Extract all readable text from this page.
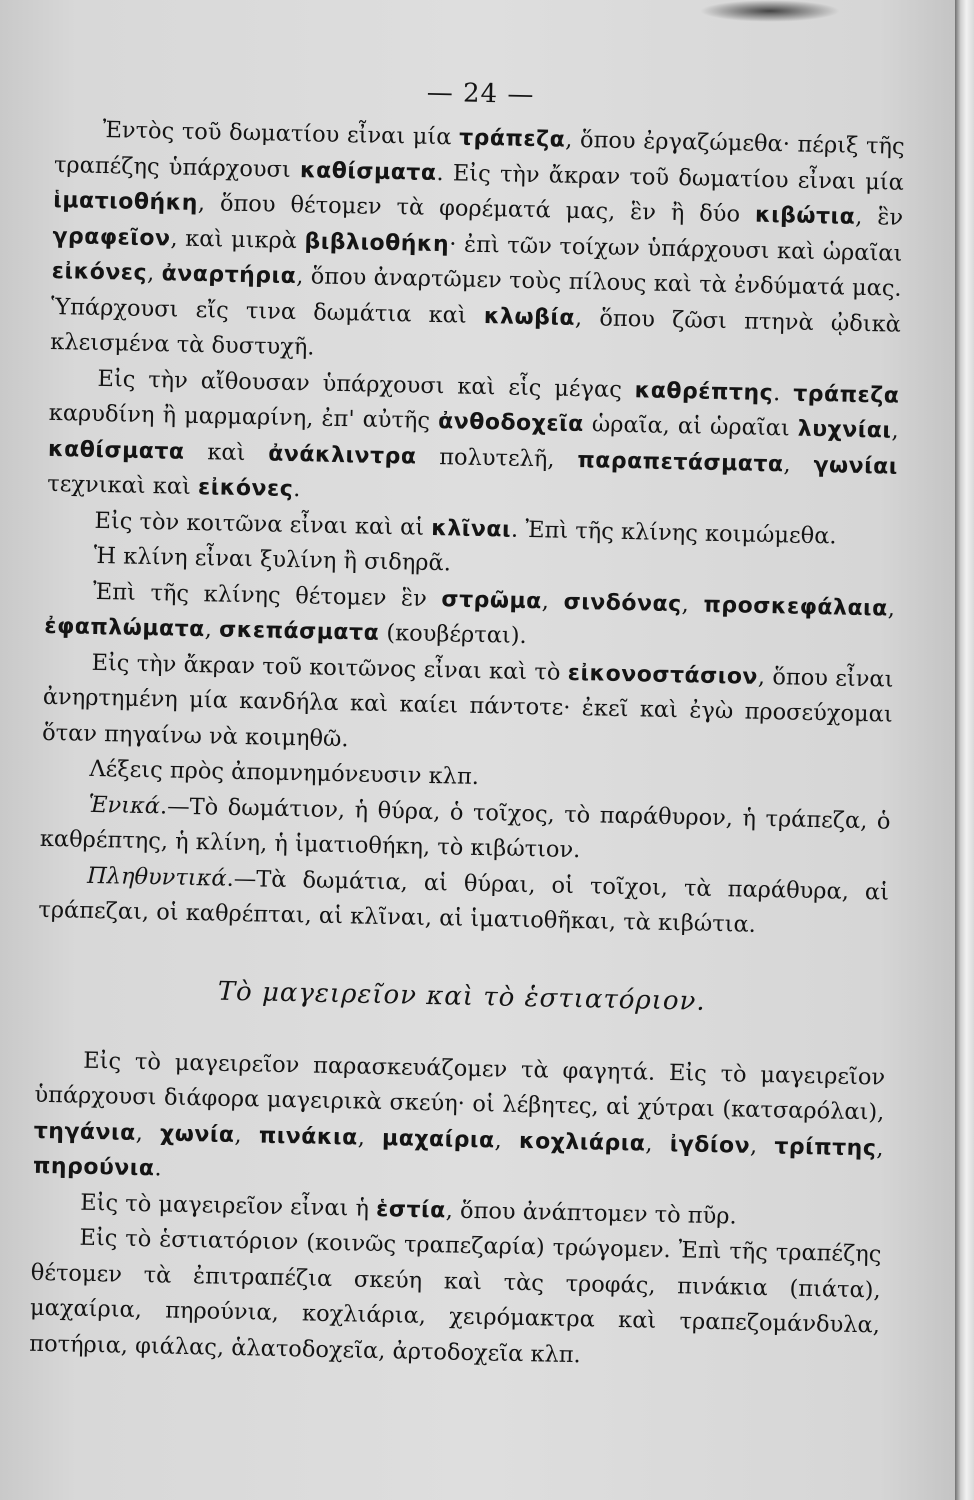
— 24 —

Ἐντὸς τοῦ δωματίου εἶναι μία τράπεζα, ὅπου ἐργαζώμεθα· πέριξ τῆς τραπέζης ὑπάρχουσι καθίσματα. Εἰς τὴν ἄκραν τοῦ δωματίου εἶναι μία ἱματιοθήκη, ὅπου θέτομεν τὰ φορέματά μας, ἓν ἢ δύο κιβώτια, ἓν γραφεῖον, καὶ μικρὰ βιβλιοθήκη· ἐπὶ τῶν τοίχων ὑπάρχουσι καὶ ὡραῖαι εἰκόνες, ἀναρτήρια, ὅπου ἀναρτῶμεν τοὺς πίλους καὶ τὰ ἐνδύματά μας. Ὑπάρχουσι εἴς τινα δωμάτια καὶ κλωβία, ὅπου ζῶσι πτηνὰ ᾠδικὰ κλεισμένα τὰ δυστυχῆ.

Εἰς τὴν αἴθουσαν ὑπάρχουσι καὶ εἷς μέγας καθρέπτης. τράπεζα καρυδίνη ἢ μαρμαρίνη, ἐπ' αὐτῆς ἀνθοδοχεῖα ὡραῖα, αἱ ὡραῖαι λυχνίαι, καθίσματα καὶ ἀνάκλιντρα πολυτελῆ, παραπετάσματα, γωνίαι τεχνικαὶ καὶ εἰκόνες.

Εἰς τὸν κοιτῶνα εἶναι καὶ αἱ κλῖναι. Ἐπὶ τῆς κλίνης κοιμώμεθα.

Ἡ κλίνη εἶναι ξυλίνη ἢ σιδηρᾶ.

Ἐπὶ τῆς κλίνης θέτομεν ἓν στρῶμα, σινδόνας, προσκεφάλαια, ἐφαπλώματα, σκεπάσματα (κουβέρται).

Εἰς τὴν ἄκραν τοῦ κοιτῶνος εἶναι καὶ τὸ εἰκονοστάσιον, ὅπου εἶναι ἀνηρτημένη μία κανδήλα καὶ καίει πάντοτε· ἐκεῖ καὶ ἐγὼ προσεύχομαι ὅταν πηγαίνω νὰ κοιμηθῶ.

Λέξεις πρὸς ἀπομνημόνευσιν κλπ.

Ἑνικά.—Τὸ δωμάτιον, ἡ θύρα, ὁ τοῖχος, τὸ παράθυρον, ἡ τράπεζα, ὁ καθρέπτης, ἡ κλίνη, ἡ ἱματιοθήκη, τὸ κιβώτιον.

Πληθυντικά.—Τὰ δωμάτια, αἱ θύραι, οἱ τοῖχοι, τὰ παράθυρα, αἱ τράπεζαι, οἱ καθρέπται, αἱ κλῖναι, αἱ ἱματιοθῆκαι, τὰ κιβώτια.

Τὸ μαγειρεῖον καὶ τὸ ἑστιατόριον.

Εἰς τὸ μαγειρεῖον παρασκευάζομεν τὰ φαγητά. Εἰς τὸ μαγειρεῖον ὑπάρχουσι διάφορα μαγειρικὰ σκεύη· οἱ λέβητες, αἱ χύτραι (κατσαρόλαι), τηγάνια, χωνία, πινάκια, μαχαίρια, κοχλιάρια, ἰγδίον, τρίπτης, πηρούνια.

Εἰς τὸ μαγειρεῖον εἶναι ἡ ἑστία, ὅπου ἀνάπτομεν τὸ πῦρ.

Εἰς τὸ ἑστιατόριον (κοινῶς τραπεζαρία) τρώγομεν. Ἐπὶ τῆς τραπέζης θέτομεν τὰ ἐπιτραπέζια σκεύη καὶ τὰς τροφάς, πινάκια (πιάτα), μαχαίρια, πηρούνια, κοχλιάρια, χειρόμακτρα καὶ τραπεζομάνδυλα, ποτήρια, φιάλας, ἁλατοδοχεῖα, ἀρτοδοχεῖα κλπ.
